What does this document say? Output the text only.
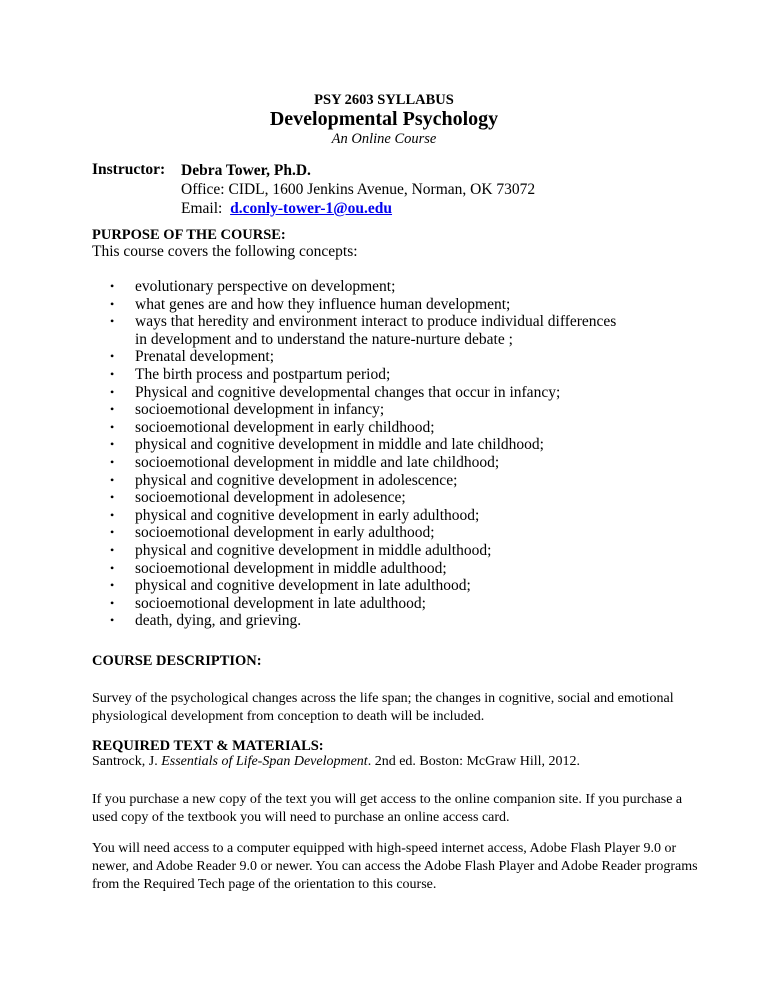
PSY 2603 SYLLABUS
Developmental Psychology
An Online Course
Instructor: Debra Tower, Ph.D.
Office: CIDL, 1600 Jenkins Avenue, Norman, OK 73072
Email: d.conly-tower-1@ou.edu
PURPOSE OF THE COURSE:
This course covers the following concepts:
• evolutionary perspective on development;
• what genes are and how they influence human development;
• ways that heredity and environment interact to produce individual differences in development and to understand the nature-nurture debate ;
• Prenatal development;
• The birth process and postpartum period;
• Physical and cognitive developmental changes that occur in infancy;
• socioemotional development in infancy;
• socioemotional development in early childhood;
• physical and cognitive development in middle and late childhood;
• socioemotional development in middle and late childhood;
• physical and cognitive development in adolescence;
• socioemotional development in adolesence;
• physical and cognitive development in early adulthood;
• socioemotional development in early adulthood;
• physical and cognitive development in middle adulthood;
• socioemotional development in middle adulthood;
• physical and cognitive development in late adulthood;
• socioemotional development in late adulthood;
• death, dying, and grieving.
COURSE DESCRIPTION:
Survey of the psychological changes across the life span; the changes in cognitive, social and emotional physiological development from conception to death will be included.
REQUIRED TEXT & MATERIALS:
Santrock, J. Essentials of Life-Span Development. 2nd ed. Boston: McGraw Hill, 2012.
If you purchase a new copy of the text you will get access to the online companion site. If you purchase a used copy of the textbook you will need to purchase an online access card.
You will need access to a computer equipped with high-speed internet access, Adobe Flash Player 9.0 or newer, and Adobe Reader 9.0 or newer. You can access the Adobe Flash Player and Adobe Reader programs from the Required Tech page of the orientation to this course.
